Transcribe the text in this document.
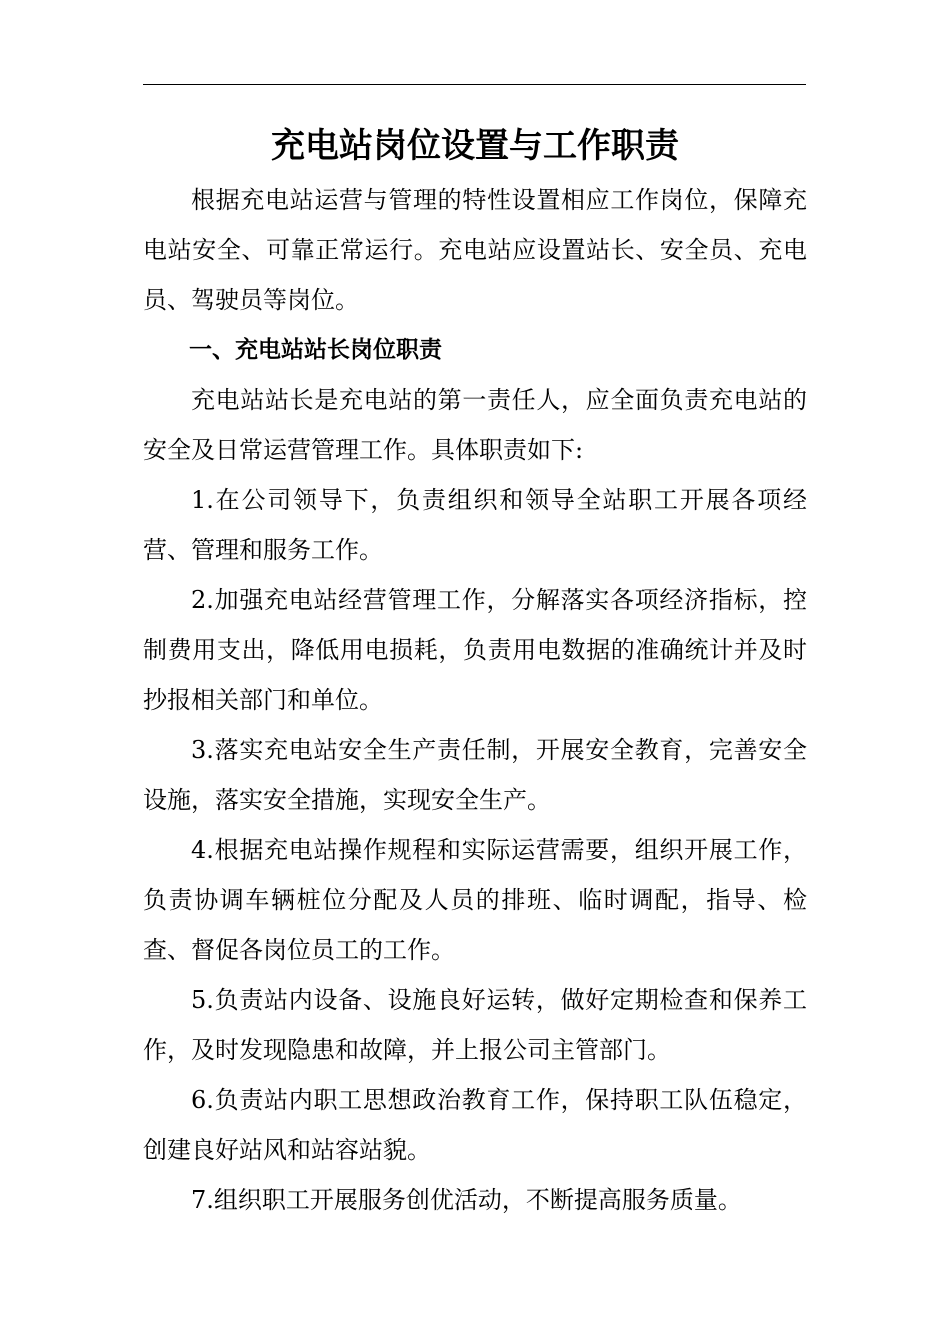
充电站岗位设置与工作职责

根据充电站运营与管理的特性设置相应工作岗位，保障充电站安全、可靠正常运行。充电站应设置站长、安全员、充电员、驾驶员等岗位。

一、充电站站长岗位职责

充电站站长是充电站的第一责任人，应全面负责充电站的安全及日常运营管理工作。具体职责如下:

1.在公司领导下，负责组织和领导全站职工开展各项经营、管理和服务工作。

2.加强充电站经营管理工作，分解落实各项经济指标，控制费用支出，降低用电损耗，负责用电数据的准确统计并及时抄报相关部门和单位。

3.落实充电站安全生产责任制，开展安全教育，完善安全设施，落实安全措施，实现安全生产。

4.根据充电站操作规程和实际运营需要，组织开展工作，负责协调车辆桩位分配及人员的排班、临时调配，指导、检查、督促各岗位员工的工作。

5.负责站内设备、设施良好运转，做好定期检查和保养工作，及时发现隐患和故障，并上报公司主管部门。

6.负责站内职工思想政治教育工作，保持职工队伍稳定，创建良好站风和站容站貌。

7.组织职工开展服务创优活动，不断提高服务质量。
